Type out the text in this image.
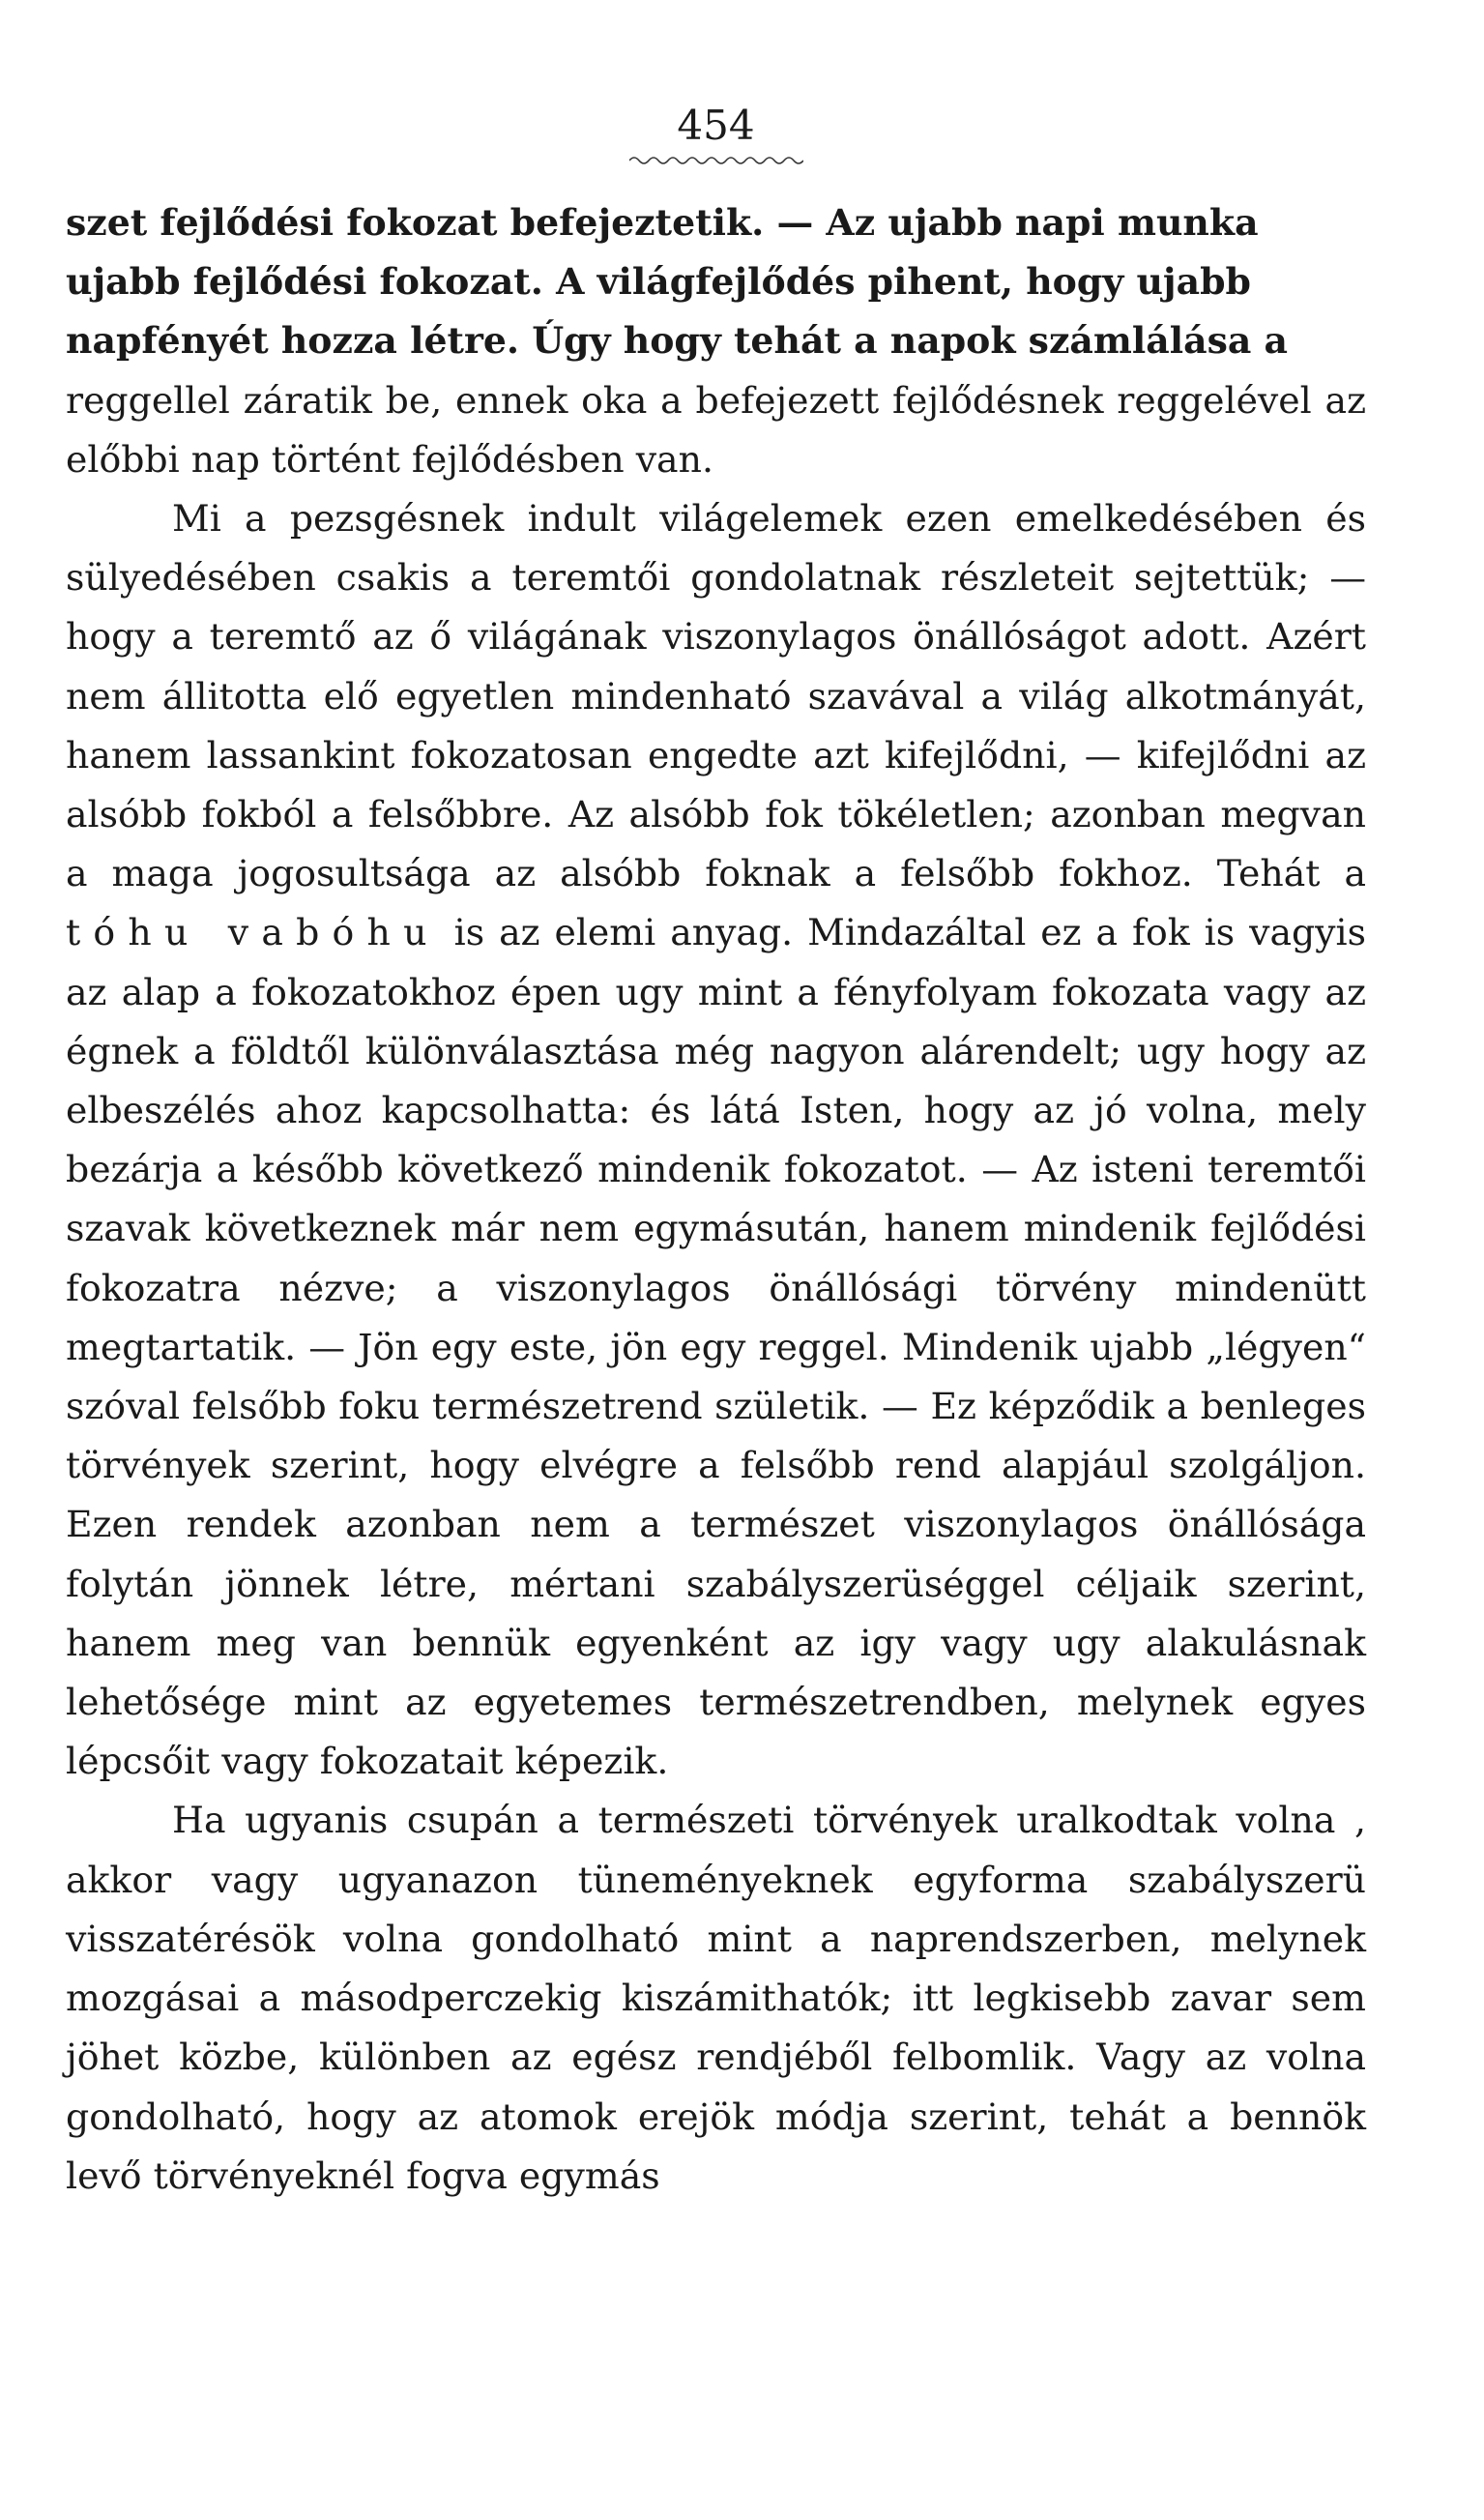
454

szet fejlődési fokozat befejeztetik. — Az ujabb napi munka

ujabb fejlődési fokozat. A világfejlődés pihent, hogy ujabb

napfényét hozza létre. Úgy hogy tehát a napok számlálása a

reggellel záratik be, ennek oka a befejezett fejlődésnek reggelével az előbbi nap történt fejlődésben van.

Mi a pezsgésnek indult világelemek ezen emelkedésében és sülyedésében csakis a teremtői gondolatnak részleteit sejtettük; — hogy a teremtő az ő világának viszonylagos önállóságot adott. Azért nem állitotta elő egyetlen mindenható szavával a világ alkotmányát, hanem lassankint fokozatosan engedte azt kifejlődni, — kifejlődni az alsóbb fokból a felsőbbre. Az alsóbb fok tökéletlen; azonban megvan a maga jogosultsága az alsóbb foknak a felsőbb fokhoz. Tehát a tóhu vabóhu is az elemi anyag. Mindazáltal ez a fok is vagyis az alap a fokozatokhoz épen ugy mint a fényfolyam fokozata vagy az égnek a földtől különválasztása még nagyon alárendelt; ugy hogy az elbeszélés ahoz kapcsolhatta: és látá Isten, hogy az jó volna, mely bezárja a később következő mindenik fokozatot. — Az isteni teremtői szavak következnek már nem egymásután, hanem mindenik fejlődési fokozatra nézve; a viszonylagos önállósági törvény mindenütt megtartatik. — Jön egy este, jön egy reggel. Mindenik ujabb „légyen“ szóval felsőbb foku természetrend születik. — Ez képződik a benleges törvények szerint, hogy elvégre a felsőbb rend alapjául szolgáljon. Ezen rendek azonban nem a természet viszonylagos önállósága folytán jönnek létre, mértani szabályszerüséggel céljaik szerint, hanem meg van bennük egyenként az igy vagy ugy alakulásnak lehetősége mint az egyetemes természetrendben, melynek egyes lépcsőit vagy fokozatait képezik.

Ha ugyanis csupán a természeti törvények uralkodtak volna , akkor vagy ugyanazon tüneményeknek egyforma szabályszerü visszatérésök volna gondolható mint a naprendszerben, melynek mozgásai a másodperczekig kiszámithatók; itt legkisebb zavar sem jöhet közbe, különben az egész rendjéből felbomlik. Vagy az volna gondolható, hogy az atomok erejök módja szerint, tehát a bennök levő törvényeknél fogva egymás
